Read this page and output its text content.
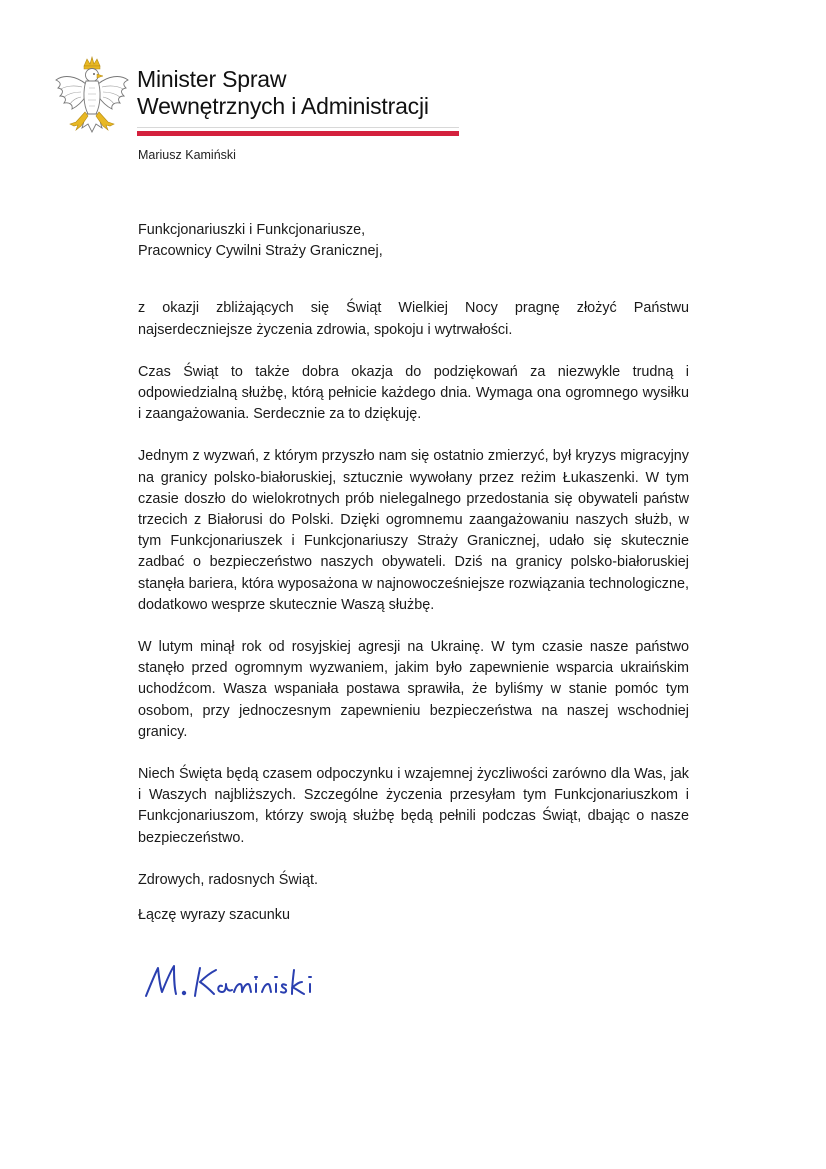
Minister Spraw
Wewnętrznych i Administracji
Mariusz Kamiński
Funkcjonariuszki i Funkcjonariusze,
Pracownicy Cywilni Straży Granicznej,

z okazji zbliżających się Świąt Wielkiej Nocy pragnę złożyć Państwu najserdeczniejsze życzenia zdrowia, spokoju i wytrwałości.

Czas Świąt to także dobra okazja do podziękowań za niezwykle trudną i odpowiedzialną służbę, którą pełnicie każdego dnia. Wymaga ona ogromnego wysiłku i zaangażowania. Serdecznie za to dziękuję.

Jednym z wyzwań, z którym przyszło nam się ostatnio zmierzyć, był kryzys migracyjny na granicy polsko-białoruskiej, sztucznie wywołany przez reżim Łukaszenki. W tym czasie doszło do wielokrotnych prób nielegalnego przedostania się obywateli państw trzecich z Białorusi do Polski. Dzięki ogromnemu zaangażowaniu naszych służb, w tym Funkcjonariuszek i Funkcjonariuszy Straży Granicznej, udało się skutecznie zadbać o bezpieczeństwo naszych obywateli. Dziś na granicy polsko-białoruskiej stanęła bariera, która wyposażona w najnowocześniejsze rozwiązania technologiczne, dodatkowo wesprze skutecznie Waszą służbę.

W lutym minął rok od rosyjskiej agresji na Ukrainę. W tym czasie nasze państwo stanęło przed ogromnym wyzwaniem, jakim było zapewnienie wsparcia ukraińskim uchodźcom. Wasza wspaniała postawa sprawiła, że byliśmy w stanie pomóc tym osobom, przy jednoczesnym zapewnieniu bezpieczeństwa na naszej wschodniej granicy.

Niech Święta będą czasem odpoczynku i wzajemnej życzliwości zarówno dla Was, jak i Waszych najbliższych. Szczególne życzenia przesyłam tym Funkcjonariuszkom i Funkcjonariuszom, którzy swoją służbę będą pełnili podczas Świąt, dbając o nasze bezpieczeństwo.

Zdrowych, radosnych Świąt.

Łączę wyrazy szacunku
